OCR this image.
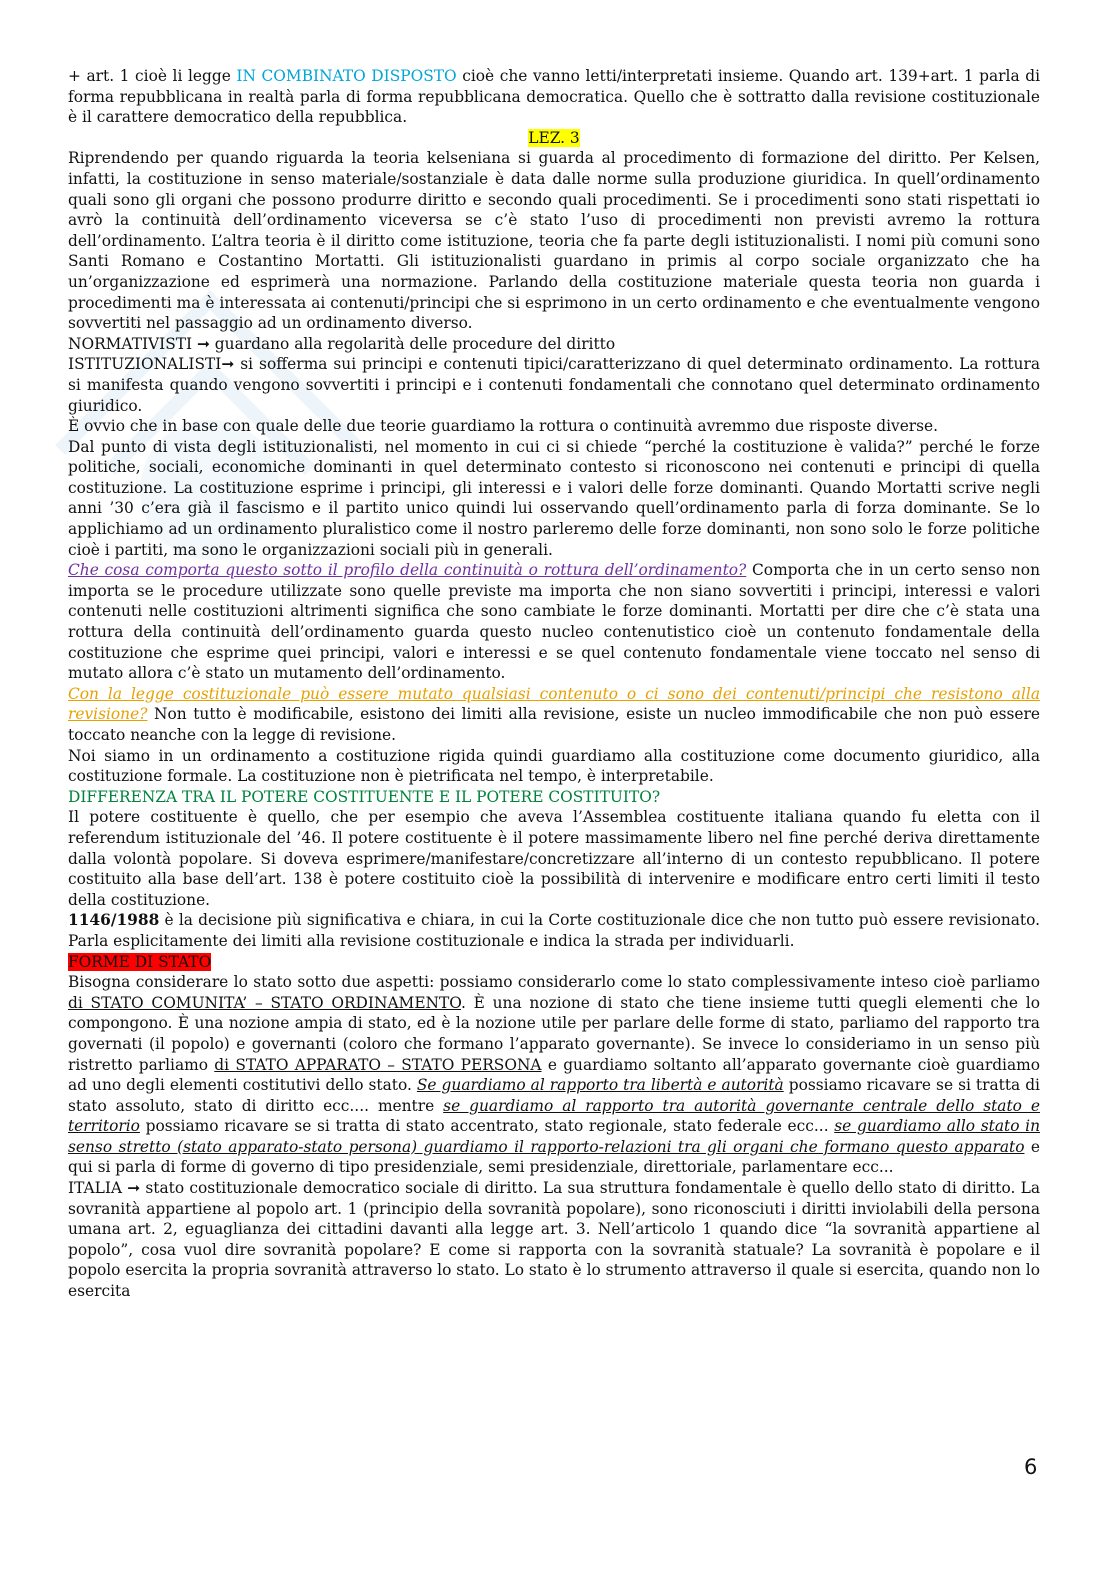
+ art. 1 cioè li legge IN COMBINATO DISPOSTO cioè che vanno letti/interpretati insieme. Quando art. 139+art. 1 parla di forma repubblicana in realtà parla di forma repubblicana democratica. Quello che è sottratto dalla revisione costituzionale è il carattere democratico della repubblica.

LEZ. 3

Riprendendo per quando riguarda la teoria kelseniana si guarda al procedimento di formazione del diritto. Per Kelsen, infatti, la costituzione in senso materiale/sostanziale è data dalle norme sulla produzione giuridica. In quell’ordinamento quali sono gli organi che possono produrre diritto e secondo quali procedimenti. Se i procedimenti sono stati rispettati io avrò la continuità dell’ordinamento viceversa se c’è stato l’uso di procedimenti non previsti avremo la rottura dell’ordinamento. L’altra teoria è il diritto come istituzione, teoria che fa parte degli istituzionalisti. I nomi più comuni sono Santi Romano e Costantino Mortatti. Gli istituzionalisti guardano in primis al corpo sociale organizzato che ha un’organizzazione ed esprimerà una normazione. Parlando della costituzione materiale questa teoria non guarda i procedimenti ma è interessata ai contenuti/principi che si esprimono in un certo ordinamento e che eventualmente vengono sovvertiti nel passaggio ad un ordinamento diverso.

NORMATIVISTI ➞ guardano alla regolarità delle procedure del diritto

ISTITUZIONALISTI➞ si sofferma sui principi e contenuti tipici/caratterizzano di quel determinato ordinamento. La rottura si manifesta quando vengono sovvertiti i principi e i contenuti fondamentali che connotano quel determinato ordinamento giuridico.

È ovvio che in base con quale delle due teorie guardiamo la rottura o continuità avremmo due risposte diverse.

Dal punto di vista degli istituzionalisti, nel momento in cui ci si chiede “perché la costituzione è valida?” perché le forze politiche, sociali, economiche dominanti in quel determinato contesto si riconoscono nei contenuti e principi di quella costituzione. La costituzione esprime i principi, gli interessi e i valori delle forze dominanti. Quando Mortatti scrive negli anni ’30 c’era già il fascismo e il partito unico quindi lui osservando quell’ordinamento parla di forza dominante. Se lo applichiamo ad un ordinamento pluralistico come il nostro parleremo delle forze dominanti, non sono solo le forze politiche cioè i partiti, ma sono le organizzazioni sociali più in generali.

Che cosa comporta questo sotto il profilo della continuità o rottura dell’ordinamento? Comporta che in un certo senso non importa se le procedure utilizzate sono quelle previste ma importa che non siano sovvertiti i principi, interessi e valori contenuti nelle costituzioni altrimenti significa che sono cambiate le forze dominanti. Mortatti per dire che c’è stata una rottura della continuità dell’ordinamento guarda questo nucleo contenutistico cioè un contenuto fondamentale della costituzione che esprime quei principi, valori e interessi e se quel contenuto fondamentale viene toccato nel senso di mutato allora c’è stato un mutamento dell’ordinamento.

Con la legge costituzionale può essere mutato qualsiasi contenuto o ci sono dei contenuti/principi che resistono alla revisione? Non tutto è modificabile, esistono dei limiti alla revisione, esiste un nucleo immodificabile che non può essere toccato neanche con la legge di revisione.

Noi siamo in un ordinamento a costituzione rigida quindi guardiamo alla costituzione come documento giuridico, alla costituzione formale. La costituzione non è pietrificata nel tempo, è interpretabile.

DIFFERENZA TRA IL POTERE COSTITUENTE E IL POTERE COSTITUITO?

Il potere costituente è quello, che per esempio che aveva l’Assemblea costituente italiana quando fu eletta con il referendum istituzionale del ’46. Il potere costituente è il potere massimamente libero nel fine perché deriva direttamente dalla volontà popolare. Si doveva esprimere/manifestare/concretizzare all’interno di un contesto repubblicano. Il potere costituito alla base dell’art. 138 è potere costituito cioè la possibilità di intervenire e modificare entro certi limiti il testo della costituzione.

1146/1988 è la decisione più significativa e chiara, in cui la Corte costituzionale dice che non tutto può essere revisionato. Parla esplicitamente dei limiti alla revisione costituzionale e indica la strada per individuarli.

FORME DI STATO

Bisogna considerare lo stato sotto due aspetti: possiamo considerarlo come lo stato complessivamente inteso cioè parliamo di STATO COMUNITA’ – STATO ORDINAMENTO. È una nozione di stato che tiene insieme tutti quegli elementi che lo compongono. È una nozione ampia di stato, ed è la nozione utile per parlare delle forme di stato, parliamo del rapporto tra governati (il popolo) e governanti (coloro che formano l’apparato governante). Se invece lo consideriamo in un senso più ristretto parliamo di STATO APPARATO – STATO PERSONA e guardiamo soltanto all’apparato governante cioè guardiamo ad uno degli elementi costitutivi dello stato. Se guardiamo al rapporto tra libertà e autorità possiamo ricavare se si tratta di stato assoluto, stato di diritto ecc.... mentre se guardiamo al rapporto tra autorità governante centrale dello stato e territorio possiamo ricavare se si tratta di stato accentrato, stato regionale, stato federale ecc... se guardiamo allo stato in senso stretto (stato apparato-stato persona) guardiamo il rapporto-relazioni tra gli organi che formano questo apparato e qui si parla di forme di governo di tipo presidenziale, semi presidenziale, direttoriale, parlamentare ecc...

ITALIA ➞ stato costituzionale democratico sociale di diritto. La sua struttura fondamentale è quello dello stato di diritto. La sovranità appartiene al popolo art. 1 (principio della sovranità popolare), sono riconosciuti i diritti inviolabili della persona umana art. 2, eguaglianza dei cittadini davanti alla legge art. 3. Nell’articolo 1 quando dice “la sovranità appartiene al popolo”, cosa vuol dire sovranità popolare? E come si rapporta con la sovranità statuale? La sovranità è popolare e il popolo esercita la propria sovranità attraverso lo stato. Lo stato è lo strumento attraverso il quale si esercita, quando non lo esercita

6
